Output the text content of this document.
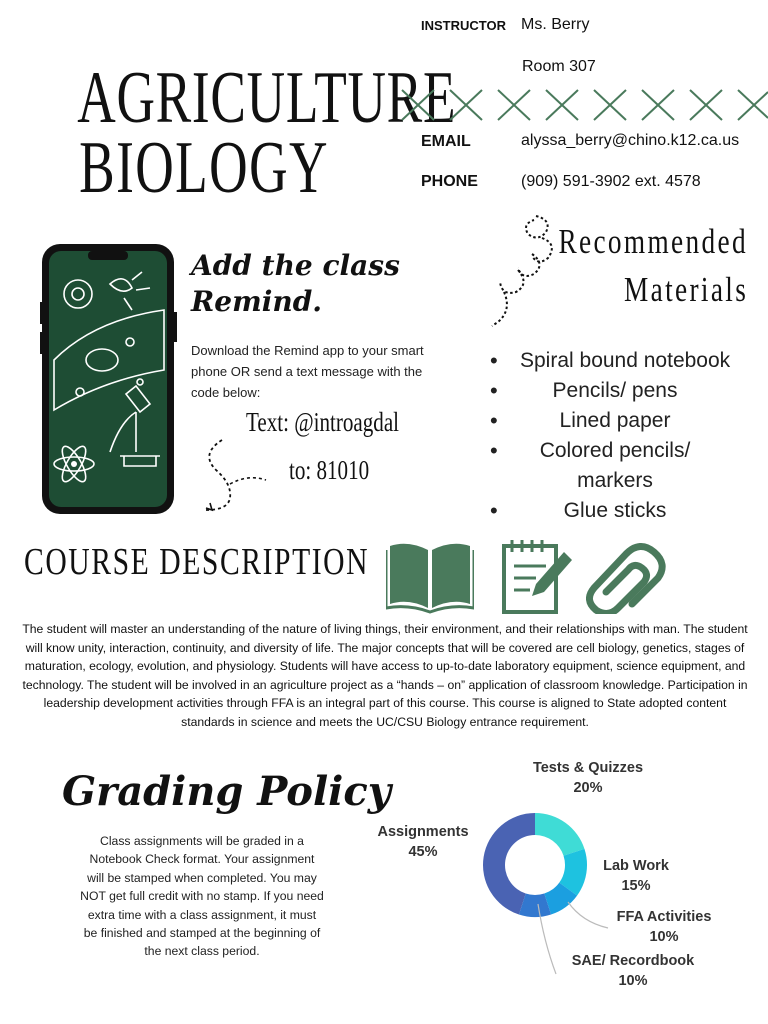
AGRICULTURE
BIOLOGY
INSTRUCTOR Ms. Berry
Room 307
EMAIL	alyssa_berry@chino.k12.ca.us
PHONE	(909) 591-3902 ext. 4578
Add the class
Remind.
Download the Remind app to your smart phone OR send a text message with the code below:
Text: @introagdal
to: 81010
Recommended
Materials
• Spiral bound notebook
• Pencils/ pens
• Lined paper
• Colored pencils/ markers
• Glue sticks
COURSE DESCRIPTION
The student will master an understanding of the nature of living things, their environment, and their relationships with man. The student will know unity, interaction, continuity, and diversity of life. The major concepts that will be covered are cell biology, genetics, stages of maturation, ecology, evolution, and physiology. Students will have access to up-to-date laboratory equipment, science equipment, and technology. The student will be involved in an agriculture project as a “hands – on” application of classroom knowledge. Participation in leadership development activities through FFA is an integral part of this course. This course is aligned to State adopted content standards in science and meets the UC/CSU Biology entrance requirement.
Grading Policy
Class assignments will be graded in a Notebook Check format. Your assignment will be stamped when completed. You may NOT get full credit with no stamp. If you need extra time with a class assignment, it must be finished and stamped at the beginning of the next class period.
Tests & Quizzes
20%
Lab Work
15%
FFA Activities
10%
SAE/ Recordbook
10%
Assignments
45%
